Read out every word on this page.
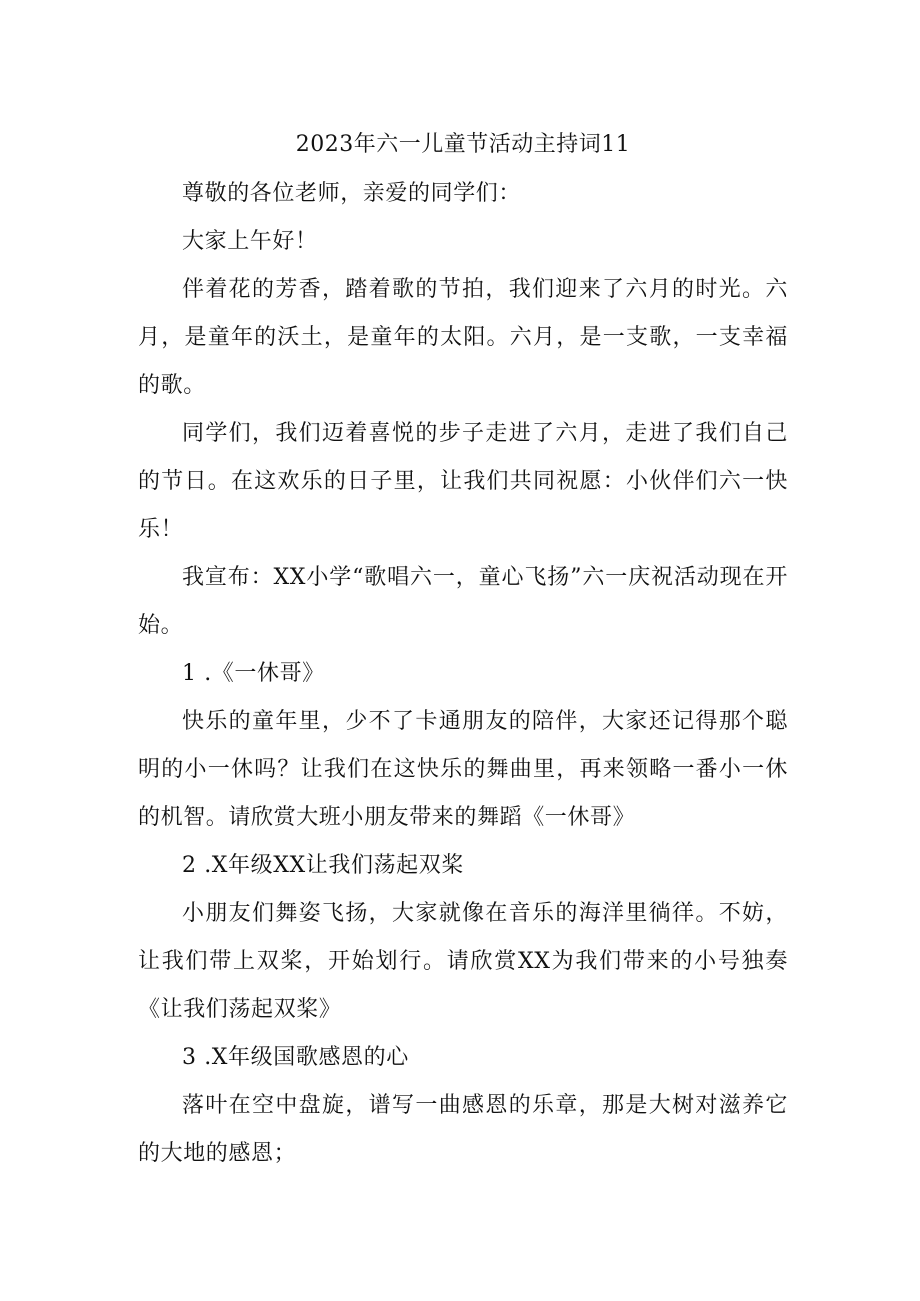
2023年六一儿童节活动主持词11

尊敬的各位老师，亲爱的同学们：

大家上午好！

伴着花的芳香，踏着歌的节拍，我们迎来了六月的时光。六月，是童年的沃土，是童年的太阳。六月，是一支歌，一支幸福的歌。

同学们，我们迈着喜悦的步子走进了六月，走进了我们自己的节日。在这欢乐的日子里，让我们共同祝愿：小伙伴们六一快乐！

我宣布：XX小学“歌唱六一，童心飞扬”六一庆祝活动现在开始。

1 .《一休哥》

快乐的童年里，少不了卡通朋友的陪伴，大家还记得那个聪明的小一休吗？让我们在这快乐的舞曲里，再来领略一番小一休的机智。请欣赏大班小朋友带来的舞蹈《一休哥》

2 .X年级XX让我们荡起双桨

小朋友们舞姿飞扬，大家就像在音乐的海洋里徜徉。不妨，让我们带上双桨，开始划行。请欣赏XX为我们带来的小号独奏《让我们荡起双桨》

3 .X年级国歌感恩的心

落叶在空中盘旋，谱写一曲感恩的乐章，那是大树对滋养它的大地的感恩；
